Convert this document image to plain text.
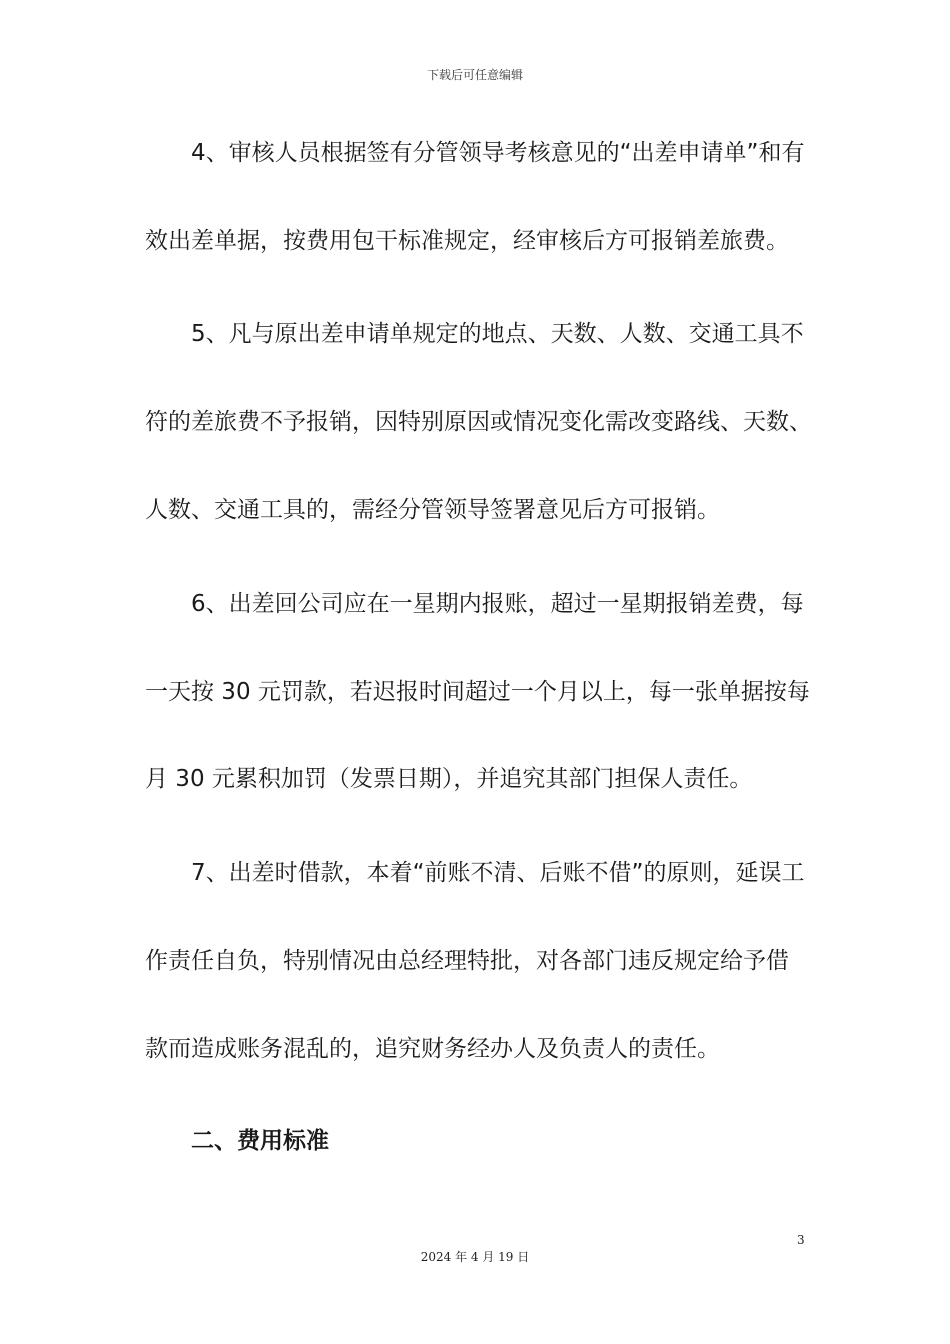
下载后可任意编辑
4、审核人员根据签有分管领导考核意见的“出差申请单”和有
效出差单据，按费用包干标准规定，经审核后方可报销差旅费。
5、凡与原出差申请单规定的地点、天数、人数、交通工具不
符的差旅费不予报销，因特别原因或情况变化需改变路线、天数、
人数、交通工具的，需经分管领导签署意见后方可报销。
6、出差回公司应在一星期内报账，超过一星期报销差费，每
一天按 30 元罚款，若迟报时间超过一个月以上，每一张单据按每
月 30 元累积加罚（发票日期），并追究其部门担保人责任。
7、出差时借款，本着“前账不清、后账不借”的原则，延误工
作责任自负，特别情况由总经理特批，对各部门违反规定给予借
款而造成账务混乱的，追究财务经办人及负责人的责任。
二、费用标准
3
2024 年 4 月 19 日
